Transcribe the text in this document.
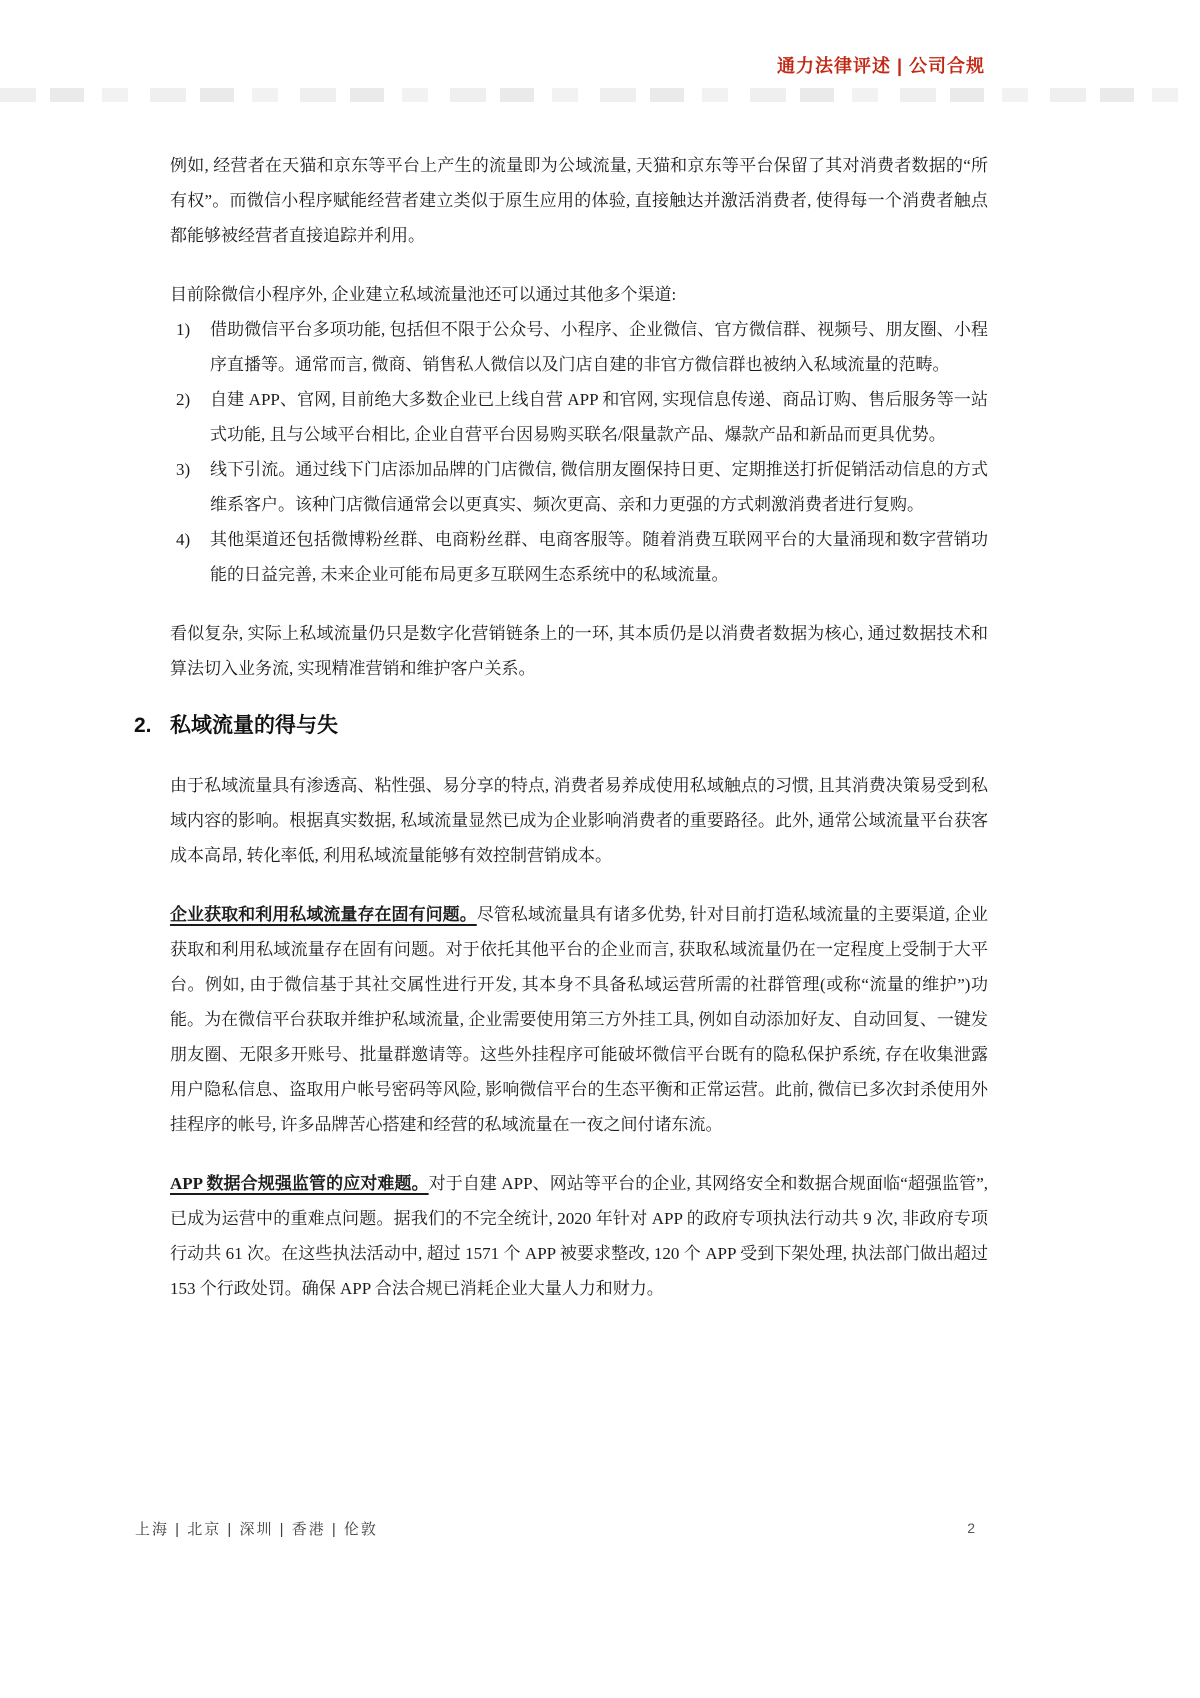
通力法律评述 | 公司合规

例如, 经营者在天猫和京东等平台上产生的流量即为公域流量, 天猫和京东等平台保留了其对消费者数据的“所有权”。而微信小程序赋能经营者建立类似于原生应用的体验, 直接触达并激活消费者, 使得每一个消费者触点都能够被经营者直接追踪并利用。

目前除微信小程序外, 企业建立私域流量池还可以通过其他多个渠道:

1)	借助微信平台多项功能, 包括但不限于公众号、小程序、企业微信、官方微信群、视频号、朋友圈、小程序直播等。通常而言, 微商、销售私人微信以及门店自建的非官方微信群也被纳入私域流量的范畴。
2)	自建 APP、官网, 目前绝大多数企业已上线自营 APP 和官网, 实现信息传递、商品订购、售后服务等一站式功能, 且与公域平台相比, 企业自营平台因易购买联名/限量款产品、爆款产品和新品而更具优势。
3)	线下引流。通过线下门店添加品牌的门店微信, 微信朋友圈保持日更、定期推送打折促销活动信息的方式维系客户。该种门店微信通常会以更真实、频次更高、亲和力更强的方式刺激消费者进行复购。
4)	其他渠道还包括微博粉丝群、电商粉丝群、电商客服等。随着消费互联网平台的大量涌现和数字营销功能的日益完善, 未来企业可能布局更多互联网生态系统中的私域流量。

看似复杂, 实际上私域流量仍只是数字化营销链条上的一环, 其本质仍是以消费者数据为核心, 通过数据技术和算法切入业务流, 实现精准营销和维护客户关系。

2. 私域流量的得与失

由于私域流量具有渗透高、粘性强、易分享的特点, 消费者易养成使用私域触点的习惯, 且其消费决策易受到私域内容的影响。根据真实数据, 私域流量显然已成为企业影响消费者的重要路径。此外, 通常公域流量平台获客成本高昂, 转化率低, 利用私域流量能够有效控制营销成本。

企业获取和利用私域流量存在固有问题。尽管私域流量具有诸多优势, 针对目前打造私域流量的主要渠道, 企业获取和利用私域流量存在固有问题。对于依托其他平台的企业而言, 获取私域流量仍在一定程度上受制于大平台。例如, 由于微信基于其社交属性进行开发, 其本身不具备私域运营所需的社群管理(或称“流量的维护”)功能。为在微信平台获取并维护私域流量, 企业需要使用第三方外挂工具, 例如自动添加好友、自动回复、一键发朋友圈、无限多开账号、批量群邀请等。这些外挂程序可能破坏微信平台既有的隐私保护系统, 存在收集泄露用户隐私信息、盗取用户帐号密码等风险, 影响微信平台的生态平衡和正常运营。此前, 微信已多次封杀使用外挂程序的帐号, 许多品牌苦心搭建和经营的私域流量在一夜之间付诸东流。

APP 数据合规强监管的应对难题。对于自建 APP、网站等平台的企业, 其网络安全和数据合规面临“超强监管”, 已成为运营中的重难点问题。据我们的不完全统计, 2020 年针对 APP 的政府专项执法行动共 9 次, 非政府专项行动共 61 次。在这些执法活动中, 超过 1571 个 APP 被要求整改, 120 个 APP 受到下架处理, 执法部门做出超过 153 个行政处罚。确保 APP 合法合规已消耗企业大量人力和财力。

上海 | 北京 | 深圳 | 香港 | 伦敦	2
